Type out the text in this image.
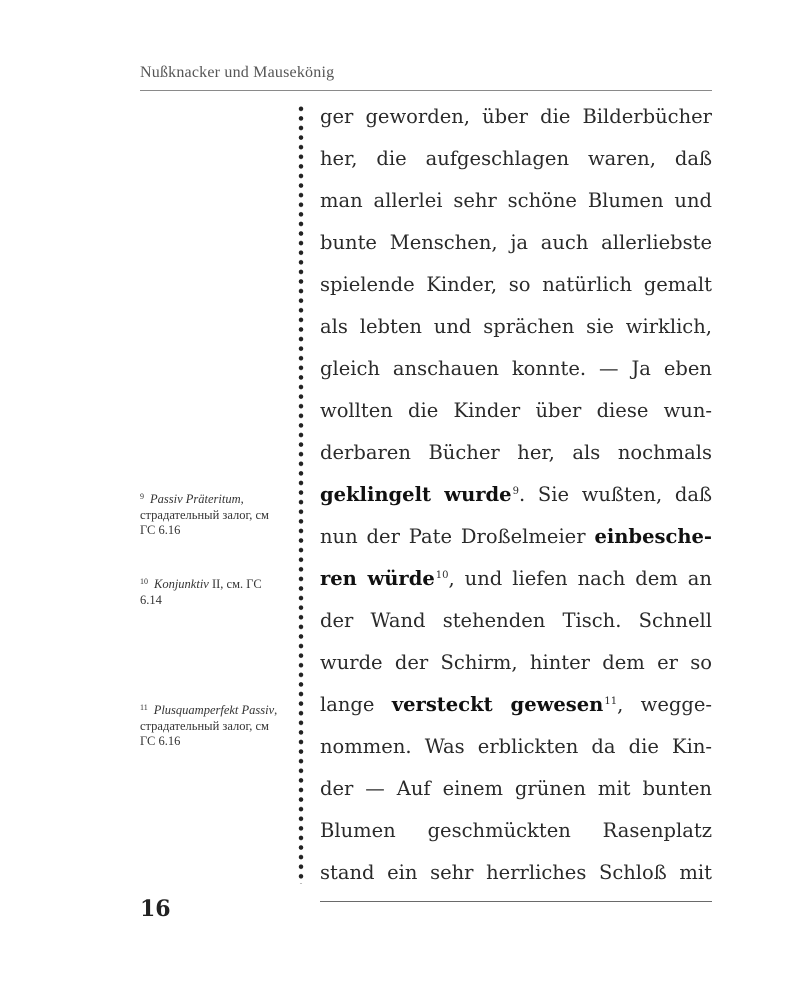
Nußknacker und Mausekönig
ger geworden, über die Bilderbücher
her, die aufgeschlagen waren, daß
man allerlei sehr schöne Blumen und
bunte Menschen, ja auch allerliebste
spielende Kinder, so natürlich gemalt
als lebten und sprächen sie wirklich,
gleich anschauen konnte. — Ja eben
wollten die Kinder über diese wun-
derbaren Bücher her, als nochmals
geklingelt wurde$^9$. Sie wußten, daß
nun der Pate Droßelmeier einbesche-
ren würde$^{10}$, und liefen nach dem an
der Wand stehenden Tisch. Schnell
wurde der Schirm, hinter dem er so
lange versteckt gewesen$^{11}$, wegge-
nommen. Was erblickten da die Kin-
der — Auf einem grünen mit bunten
Blumen geschmückten Rasenplatz
stand ein sehr herrliches Schloß mit
$^9$ Passiv Präteritum, страдательный залог, см ГС 6.16
$^{10}$ Konjunktiv II, см. ГС 6.14
$^{11}$ Plusquamperfekt Passiv, страдательный залог, см ГС 6.16
16
